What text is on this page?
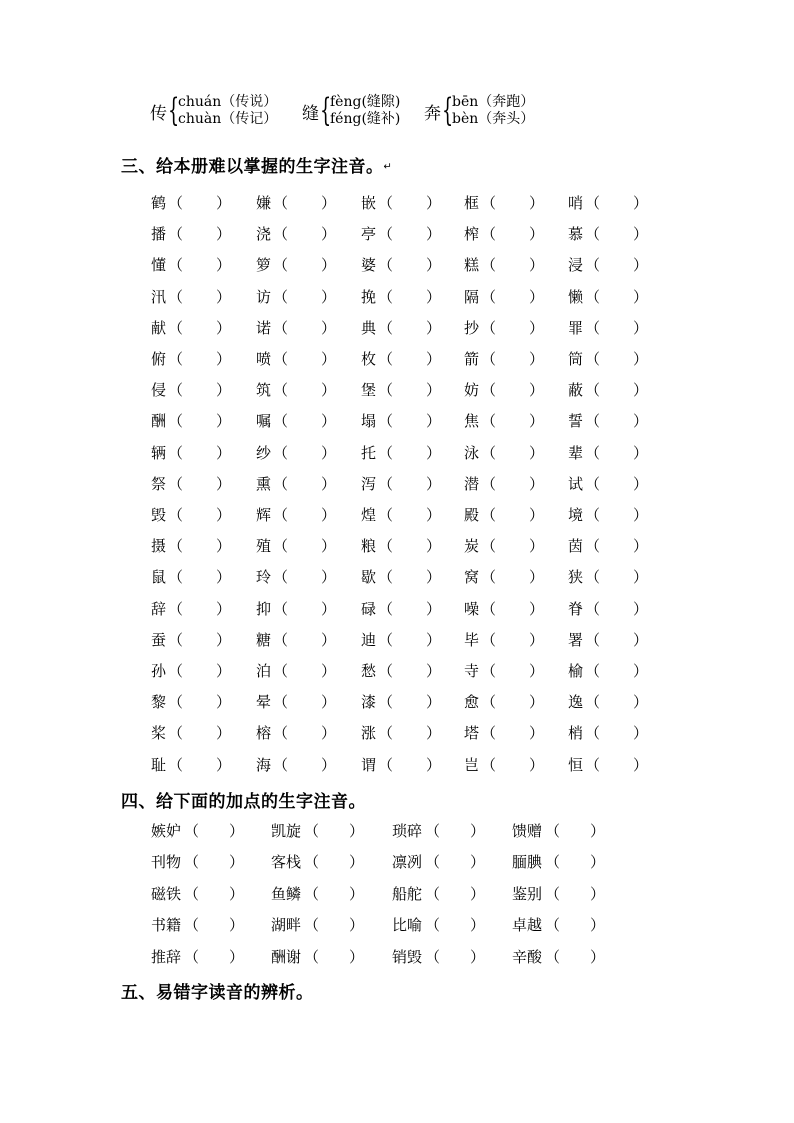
传 {
chuán（传说）
chuàn（传记） 缝 {
fèng(缝隙)
féng(缝补) 奔 {
bēn（奔跑）
bèn（奔头）
三、给本册难以掌握的生字注音。↵
鹤 （ ） 嫌 （ ） 嵌 （ ） 框 （ ） 哨 （ ）
播 （ ） 浇 （ ） 亭 （ ） 榨 （ ） 慕 （ ）
懂 （ ） 箩 （ ） 婆 （ ） 糕 （ ） 浸 （ ）
汛 （ ） 访 （ ） 挽 （ ） 隔 （ ） 懒 （ ）
献 （ ） 诺 （ ） 典 （ ） 抄 （ ） 罪 （ ）
俯 （ ） 喷 （ ） 枚 （ ） 箭 （ ） 筒 （ ）
侵 （ ） 筑 （ ） 堡 （ ） 妨 （ ） 蔽 （ ）
酬 （ ） 嘱 （ ） 塌 （ ） 焦 （ ） 誓 （ ）
辆 （ ） 纱 （ ） 托 （ ） 泳 （ ） 辈 （ ）
祭 （ ） 熏 （ ） 泻 （ ） 潜 （ ） 试 （ ）
毁 （ ） 辉 （ ） 煌 （ ） 殿 （ ） 境 （ ）
摄 （ ） 殖 （ ） 粮 （ ） 炭 （ ） 茵 （ ）
鼠 （ ） 玲 （ ） 歇 （ ） 窝 （ ） 狭 （ ）
辞 （ ） 抑 （ ） 碌 （ ） 噪 （ ） 脊 （ ）
蚕 （ ） 糖 （ ） 迪 （ ） 毕 （ ） 署 （ ）
孙 （ ） 泊 （ ） 愁 （ ） 寺 （ ） 榆 （ ）
黎 （ ） 晕 （ ） 漆 （ ） 愈 （ ） 逸 （ ）
桨 （ ） 榕 （ ） 涨 （ ） 塔 （ ） 梢 （ ）
耻 （ ） 海 （ ） 谓 （ ） 岂 （ ） 恒 （ ）
四、给下面的加点的生字注音。
嫉妒 （ ） 凯旋 （ ） 琐碎 （ ） 馈赠 （ ）
刊物 （ ） 客栈 （ ） 凛冽 （ ） 腼腆 （ ）
磁铁 （ ） 鱼鳞 （ ） 船舵 （ ） 鉴别 （ ）
书籍 （ ） 湖畔 （ ） 比喻 （ ） 卓越 （ ）
推辞 （ ） 酬谢 （ ） 销毁 （ ） 辛酸 （ ）
五、易错字读音的辨析。
